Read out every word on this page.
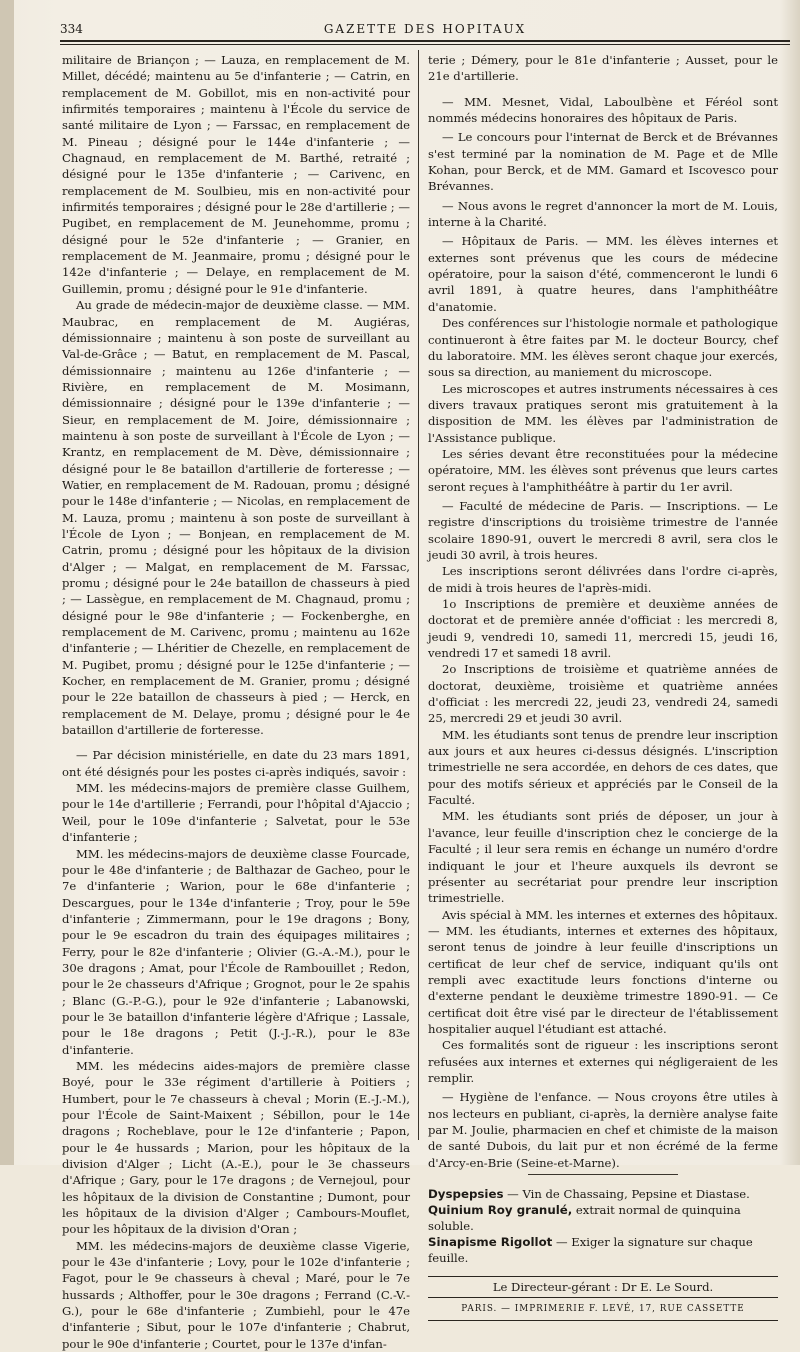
334	GAZETTE DES HOPITAUX

militaire de Briançon ; — Lauza, en remplacement de M. Millet, décédé; maintenu au 5e d'infanterie ; — Catrin, en remplacement de M. Gobillot, mis en non-activité pour infirmités temporaires ; maintenu à l'École du service de santé militaire de Lyon ; — Farssac, en remplacement de M. Pineau ; désigné pour le 144e d'infanterie ; — Chagnaud, en remplacement de M. Barthé, retraité ; désigné pour le 135e d'infanterie ; — Carivenc, en remplacement de M. Soulbieu, mis en non-activité pour infirmités temporaires ; désigné pour le 28e d'artillerie ; — Pugibet, en remplacement de M. Jeunehomme, promu ; désigné pour le 52e d'infanterie ; — Granier, en remplacement de M. Jeanmaire, promu ; désigné pour le 142e d'infanterie ; — Delaye, en remplacement de M. Guillemin, promu ; désigné pour le 91e d'infanterie.

Au grade de médecin-major de deuxième classe. — MM. Maubrac, en remplacement de M. Augiéras, démissionnaire ; maintenu à son poste de surveillant au Val-de-Grâce ; — Batut, en remplacement de M. Pascal, démissionnaire ; maintenu au 126e d'infanterie ; — Rivière, en remplacement de M. Mosimann, démissionnaire ; désigné pour le 139e d'infanterie ; — Sieur, en remplacement de M. Joire, démissionnaire ; maintenu à son poste de surveillant à l'École de Lyon ; — Krantz, en remplacement de M. Dève, démissionnaire ; désigné pour le 8e bataillon d'artillerie de forteresse ; — Watier, en remplacement de M. Radouan, promu ; désigné pour le 148e d'infanterie ; — Nicolas, en remplacement de M. Lauza, promu ; maintenu à son poste de surveillant à l'École de Lyon ; — Bonjean, en remplacement de M. Catrin, promu ; désigné pour les hôpitaux de la division d'Alger ; — Malgat, en remplacement de M. Farssac, promu ; désigné pour le 24e bataillon de chasseurs à pied ; — Lassègue, en remplacement de M. Chagnaud, promu ; désigné pour le 98e d'infanterie ; — Fockenberghe, en remplacement de M. Carivenc, promu ; maintenu au 162e d'infanterie ; — Lhéritier de Chezelle, en remplacement de M. Pugibet, promu ; désigné pour le 125e d'infanterie ; — Kocher, en remplacement de M. Granier, promu ; désigné pour le 22e bataillon de chasseurs à pied ; — Herck, en remplacement de M. Delaye, promu ; désigné pour le 4e bataillon d'artillerie de forteresse.

— Par décision ministérielle, en date du 23 mars 1891, ont été désignés pour les postes ci-après indiqués, savoir :

MM. les médecins-majors de première classe Guilhem, pour le 14e d'artillerie ; Ferrandi, pour l'hôpital d'Ajaccio ; Weil, pour le 109e d'infanterie ; Salvetat, pour le 53e d'infanterie ;

MM. les médecins-majors de deuxième classe Fourcade, pour le 48e d'infanterie ; de Balthazar de Gacheo, pour le 7e d'infanterie ; Warion, pour le 68e d'infanterie ; Descargues, pour le 134e d'infanterie ; Troy, pour le 59e d'infanterie ; Zimmermann, pour le 19e dragons ; Bony, pour le 9e escadron du train des équipages militaires ; Ferry, pour le 82e d'infanterie ; Olivier (G.-A.-M.), pour le 30e dragons ; Amat, pour l'École de Rambouillet ; Redon, pour le 2e chasseurs d'Afrique ; Grognot, pour le 2e spahis ; Blanc (G.-P.-G.), pour le 92e d'infanterie ; Labanowski, pour le 3e bataillon d'infanterie légère d'Afrique ; Lassale, pour le 18e dragons ; Petit (J.-J.-R.), pour le 83e d'infanterie.

MM. les médecins aides-majors de première classe Boyé, pour le 33e régiment d'artillerie à Poitiers ; Humbert, pour le 7e chasseurs à cheval ; Morin (E.-J.-M.), pour l'École de Saint-Maixent ; Sébillon, pour le 14e dragons ; Rocheblave, pour le 12e d'infanterie ; Papon, pour le 4e hussards ; Marion, pour les hôpitaux de la division d'Alger ; Licht (A.-E.), pour le 3e chasseurs d'Afrique ; Gary, pour le 17e dragons ; de Vernejoul, pour les hôpitaux de la division de Constantine ; Dumont, pour les hôpitaux de la division d'Alger ; Cambours-Mouflet, pour les hôpitaux de la division d'Oran ;

MM. les médecins-majors de deuxième classe Vigerie, pour le 43e d'infanterie ; Lovy, pour le 102e d'infanterie ; Fagot, pour le 9e chasseurs à cheval ; Maré, pour le 7e hussards ; Althoffer, pour le 30e dragons ; Ferrand (C.-V.-G.), pour le 68e d'infanterie ; Zumbiehl, pour le 47e d'infanterie ; Sibut, pour le 107e d'infanterie ; Chabrut, pour le 90e d'infanterie ; Courtet, pour le 137e d'infan-

terie ; Démery, pour le 81e d'infanterie ; Ausset, pour le 21e d'artillerie.

— MM. Mesnet, Vidal, Laboulbène et Féréol sont nommés médecins honoraires des hôpitaux de Paris.

— Le concours pour l'internat de Berck et de Brévannes s'est terminé par la nomination de M. Page et de Mlle Kohan, pour Berck, et de MM. Gamard et Iscovesco pour Brévannes.

— Nous avons le regret d'annoncer la mort de M. Louis, interne à la Charité.

— Hôpitaux de Paris. — MM. les élèves internes et externes sont prévenus que les cours de médecine opératoire, pour la saison d'été, commenceront le lundi 6 avril 1891, à quatre heures, dans l'amphithéâtre d'anatomie.

Des conférences sur l'histologie normale et pathologique continueront à être faites par M. le docteur Bourcy, chef du laboratoire. MM. les élèves seront chaque jour exercés, sous sa direction, au maniement du microscope.

Les microscopes et autres instruments nécessaires à ces divers travaux pratiques seront mis gratuitement à la disposition de MM. les élèves par l'administration de l'Assistance publique.

Les séries devant être reconstituées pour la médecine opératoire, MM. les élèves sont prévenus que leurs cartes seront reçues à l'amphithéâtre à partir du 1er avril.

— Faculté de médecine de Paris. — Inscriptions. — Le registre d'inscriptions du troisième trimestre de l'année scolaire 1890-91, ouvert le mercredi 8 avril, sera clos le jeudi 30 avril, à trois heures.

Les inscriptions seront délivrées dans l'ordre ci-après, de midi à trois heures de l'après-midi.

1o Inscriptions de première et deuxième années de doctorat et de première année d'officiat : les mercredi 8, jeudi 9, vendredi 10, samedi 11, mercredi 15, jeudi 16, vendredi 17 et samedi 18 avril.

2o Inscriptions de troisième et quatrième années de doctorat, deuxième, troisième et quatrième années d'officiat : les mercredi 22, jeudi 23, vendredi 24, samedi 25, mercredi 29 et jeudi 30 avril.

MM. les étudiants sont tenus de prendre leur inscription aux jours et aux heures ci-dessus désignés. L'inscription trimestrielle ne sera accordée, en dehors de ces dates, que pour des motifs sérieux et appréciés par le Conseil de la Faculté.

MM. les étudiants sont priés de déposer, un jour à l'avance, leur feuille d'inscription chez le concierge de la Faculté ; il leur sera remis en échange un numéro d'ordre indiquant le jour et l'heure auxquels ils devront se présenter au secrétariat pour prendre leur inscription trimestrielle.

Avis spécial à MM. les internes et externes des hôpitaux. — MM. les étudiants, internes et externes des hôpitaux, seront tenus de joindre à leur feuille d'inscriptions un certificat de leur chef de service, indiquant qu'ils ont rempli avec exactitude leurs fonctions d'interne ou d'externe pendant le deuxième trimestre 1890-91. — Ce certificat doit être visé par le directeur de l'établissement hospitalier auquel l'étudiant est attaché.

Ces formalités sont de rigueur : les inscriptions seront refusées aux internes et externes qui négligeraient de les remplir.

— Hygiène de l'enfance. — Nous croyons être utiles à nos lecteurs en publiant, ci-après, la dernière analyse faite par M. Joulie, pharmacien en chef et chimiste de la maison de santé Dubois, du lait pur et non écrémé de la ferme d'Arcy-en-Brie (Seine-et-Marne).

Dyspepsies — Vin de Chassaing, Pepsine et Diastase.

Quinium Roy granulé, extrait normal de quinquina soluble.

Sinapisme Rigollot — Exiger la signature sur chaque feuille.

Le Directeur-gérant : Dr E. Le Sourd.
PARIS. — IMPRIMERIE F. LEVÉ, 17, RUE CASSETTE
